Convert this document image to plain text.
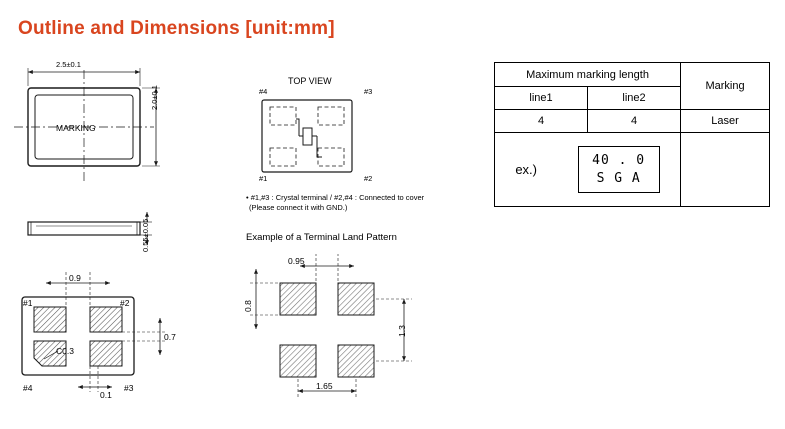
Outline and Dimensions [unit:mm]
2.5±0.1
2.0±0.1
MARKING
0.55±0.05
0.9
0.7
C0.3
0.1
#1	#2
#3
#4
TOP VIEW
#4	#3
#1	#2
• #1,#3 : Crystal terminal / #2,#4 : Connected to cover
(Please connect it with GND.)
Example of a Terminal Land Pattern
0.95
0.8
1.3
1.65
Maximum marking length
Marking
line1	line2
4	4	Laser
ex.)
40 . 0
S G A
